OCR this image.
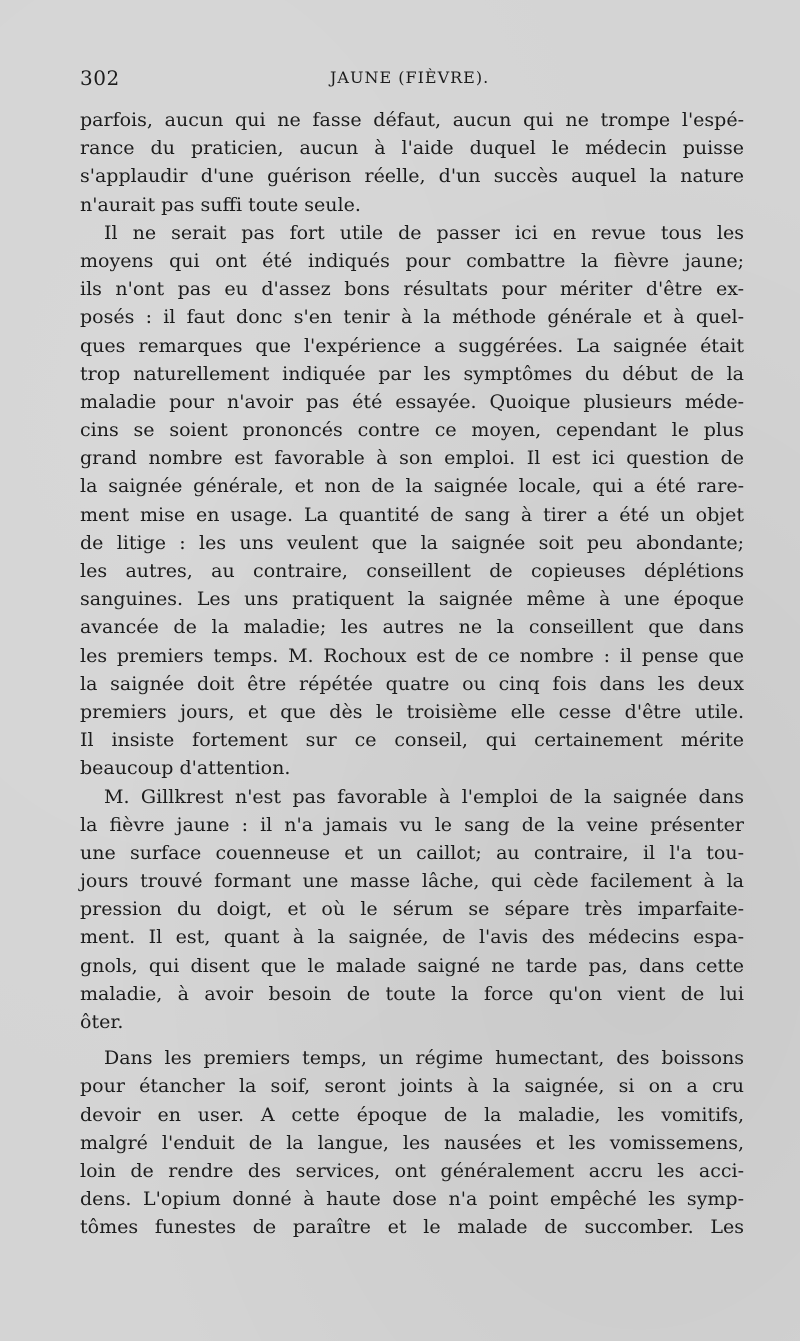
302	JAUNE (FIÈVRE).
parfois, aucun qui ne fasse défaut, aucun qui ne trompe l'espé-
rance du praticien, aucun à l'aide duquel le médecin puisse
s'applaudir d'une guérison réelle, d'un succès auquel la nature
n'aurait pas suffi toute seule.
Il ne serait pas fort utile de passer ici en revue tous les
moyens qui ont été indiqués pour combattre la fièvre jaune;
ils n'ont pas eu d'assez bons résultats pour mériter d'être ex-
posés : il faut donc s'en tenir à la méthode générale et à quel-
ques remarques que l'expérience a suggérées. La saignée était
trop naturellement indiquée par les symptômes du début de la
maladie pour n'avoir pas été essayée. Quoique plusieurs méde-
cins se soient prononcés contre ce moyen, cependant le plus
grand nombre est favorable à son emploi. Il est ici question de
la saignée générale, et non de la saignée locale, qui a été rare-
ment mise en usage. La quantité de sang à tirer a été un objet
de litige : les uns veulent que la saignée soit peu abondante;
les autres, au contraire, conseillent de copieuses déplétions
sanguines. Les uns pratiquent la saignée même à une époque
avancée de la maladie; les autres ne la conseillent que dans
les premiers temps. M. Rochoux est de ce nombre : il pense que
la saignée doit être répétée quatre ou cinq fois dans les deux
premiers jours, et que dès le troisième elle cesse d'être utile.
Il insiste fortement sur ce conseil, qui certainement mérite
beaucoup d'attention.
M. Gillkrest n'est pas favorable à l'emploi de la saignée dans
la fièvre jaune : il n'a jamais vu le sang de la veine présenter
une surface couenneuse et un caillot; au contraire, il l'a tou-
jours trouvé formant une masse lâche, qui cède facilement à la
pression du doigt, et où le sérum se sépare très imparfaite-
ment. Il est, quant à la saignée, de l'avis des médecins espa-
gnols, qui disent que le malade saigné ne tarde pas, dans cette
maladie, à avoir besoin de toute la force qu'on vient de lui
ôter.
Dans les premiers temps, un régime humectant, des boissons
pour étancher la soif, seront joints à la saignée, si on a cru
devoir en user. A cette époque de la maladie, les vomitifs,
malgré l'enduit de la langue, les nausées et les vomissemens,
loin de rendre des services, ont généralement accru les acci-
dens. L'opium donné à haute dose n'a point empêché les symp-
tômes funestes de paraître et le malade de succomber. Les
